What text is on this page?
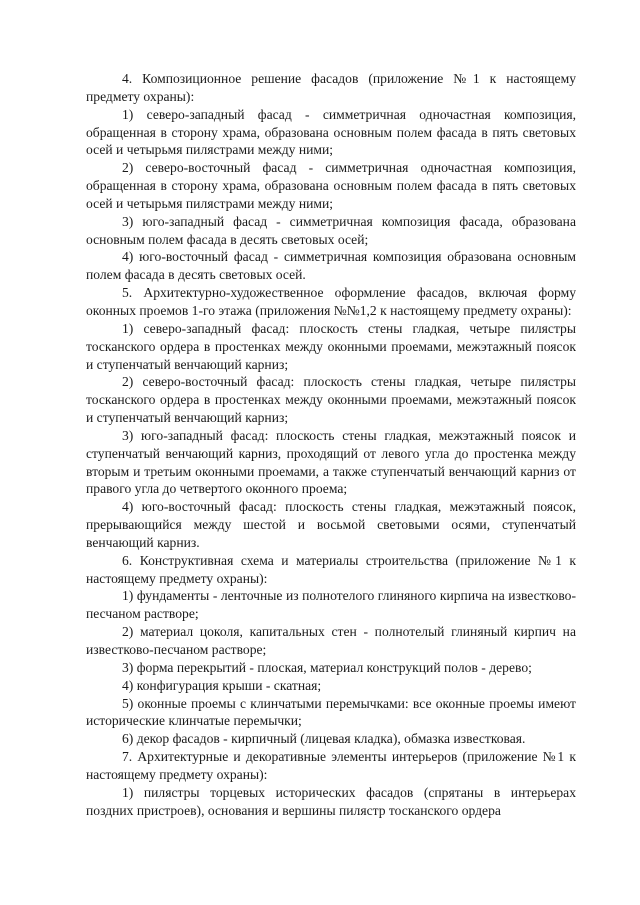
4. Композиционное решение фасадов (приложение №1 к настоящему предмету охраны):

1) северо-западный фасад - симметричная одночастная композиция, обращенная в сторону храма, образована основным полем фасада в пять световых осей и четырьмя пилястрами между ними;

2) северо-восточный фасад - симметричная одночастная композиция, обращенная в сторону храма, образована основным полем фасада в пять световых осей и четырьмя пилястрами между ними;

3) юго-западный фасад - симметричная композиция фасада, образована основным полем фасада в десять световых осей;

4) юго-восточный фасад - симметричная композиция образована основным полем фасада в десять световых осей.

5. Архитектурно-художественное оформление фасадов, включая форму оконных проемов 1-го этажа (приложения №№1,2 к настоящему предмету охраны):

1) северо-западный фасад: плоскость стены гладкая, четыре пилястры тосканского ордера в простенках между оконными проемами, межэтажный поясок и ступенчатый венчающий карниз;

2) северо-восточный фасад: плоскость стены гладкая, четыре пилястры тосканского ордера в простенках между оконными проемами, межэтажный поясок и ступенчатый венчающий карниз;

3) юго-западный фасад: плоскость стены гладкая, межэтажный поясок и ступенчатый венчающий карниз, проходящий от левого угла до простенка между вторым и третьим оконными проемами, а также ступенчатый венчающий карниз от правого угла до четвертого оконного проема;

4) юго-восточный фасад: плоскость стены гладкая, межэтажный поясок, прерывающийся между шестой и восьмой световыми осями, ступенчатый венчающий карниз.

6. Конструктивная схема и материалы строительства (приложение №1 к настоящему предмету охраны):

1) фундаменты - ленточные из полнотелого глиняного кирпича на известково-песчаном растворе;

2) материал цоколя, капитальных стен - полнотелый глиняный кирпич на известково-песчаном растворе;

3) форма перекрытий - плоская, материал конструкций полов - дерево;

4) конфигурация крыши - скатная;

5) оконные проемы с клинчатыми перемычками: все оконные проемы имеют исторические клинчатые перемычки;

6) декор фасадов - кирпичный (лицевая кладка), обмазка известковая.

7. Архитектурные и декоративные элементы интерьеров (приложение №1 к настоящему предмету охраны):

1) пилястры торцевых исторических фасадов (спрятаны в интерьерах поздних пристроев), основания и вершины пилястр тосканского ордера
